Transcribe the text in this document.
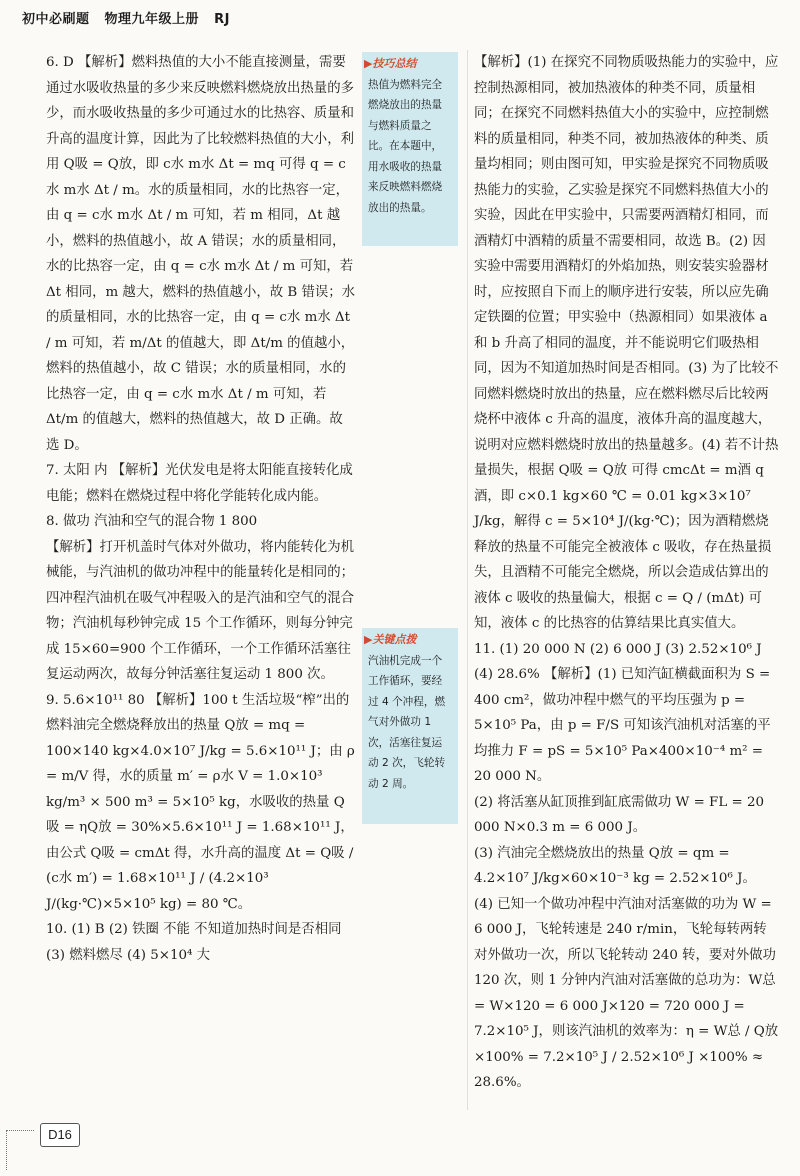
初中必刷题 物理九年级上册 RJ

6. D 【解析】燃料热值的大小不能直接测量，需要通过水吸收热量的多少来反映燃料燃烧放出热量的多少，而水吸收热量的多少可通过水的比热容、质量和升高的温度计算，因此为了比较燃料热值的大小，利用 Q吸 = Q放，即 c水 m水 Δt = mq 可得 q = c水 m水 Δt / m。水的质量相同，水的比热容一定，由 q = c水 m水 Δt / m 可知，若 m 相同，Δt 越小，燃料的热值越小，故 A 错误；水的质量相同，水的比热容一定，由 q = c水 m水 Δt / m 可知，若 Δt 相同，m 越大，燃料的热值越小，故 B 错误；水的质量相同，水的比热容一定，由 q = c水 m水 Δt / m 可知，若 m/Δt 的值越大，即 Δt/m 的值越小，燃料的热值越小，故 C 错误；水的质量相同，水的比热容一定，由 q = c水 m水 Δt / m 可知，若 Δt/m 的值越大，燃料的热值越大，故 D 正确。故选 D。

7. 太阳 内 【解析】光伏发电是将太阳能直接转化成电能；燃料在燃烧过程中将化学能转化成内能。

8. 做功 汽油和空气的混合物 1 800

【解析】打开机盖时气体对外做功，将内能转化为机械能，与汽油机的做功冲程中的能量转化是相同的；四冲程汽油机在吸气冲程吸入的是汽油和空气的混合物；汽油机每秒钟完成 15 个工作循环，则每分钟完成 15×60=900 个工作循环，一个工作循环活塞往复运动两次，故每分钟活塞往复运动 1 800 次。

9. 5.6×10¹¹ 80 【解析】100 t 生活垃圾“榨”出的燃料油完全燃烧释放出的热量 Q放 = mq = 100×140 kg×4.0×10⁷ J/kg = 5.6×10¹¹ J；由 ρ = m/V 得，水的质量 m′ = ρ水 V = 1.0×10³ kg/m³ × 500 m³ = 5×10⁵ kg，水吸收的热量 Q吸 = ηQ放 = 30%×5.6×10¹¹ J = 1.68×10¹¹ J，由公式 Q吸 = cmΔt 得，水升高的温度 Δt = Q吸 / (c水 m′) = 1.68×10¹¹ J / (4.2×10³ J/(kg·℃)×5×10⁵ kg) = 80 ℃。

10. (1) B (2) 铁圈 不能 不知道加热时间是否相同 (3) 燃料燃尽 (4) 5×10⁴ 大

▶技巧总结
热值为燃料完全燃烧放出的热量与燃料质量之比。在本题中，用水吸收的热量来反映燃料燃烧放出的热量。
▶关键点拨
汽油机完成一个工作循环，要经过 4 个冲程，燃气对外做功 1 次，活塞往复运动 2 次，飞轮转动 2 周。

【解析】(1) 在探究不同物质吸热能力的实验中，应控制热源相同，被加热液体的种类不同，质量相同；在探究不同燃料热值大小的实验中，应控制燃料的质量相同，种类不同，被加热液体的种类、质量均相同；则由图可知，甲实验是探究不同物质吸热能力的实验，乙实验是探究不同燃料热值大小的实验，因此在甲实验中，只需要两酒精灯相同，而酒精灯中酒精的质量不需要相同，故选 B。(2) 因实验中需要用酒精灯的外焰加热，则安装实验器材时，应按照自下而上的顺序进行安装，所以应先确定铁圈的位置；甲实验中（热源相同）如果液体 a 和 b 升高了相同的温度，并不能说明它们吸热相同，因为不知道加热时间是否相同。(3) 为了比较不同燃料燃烧时放出的热量，应在燃料燃尽后比较两烧杯中液体 c 升高的温度，液体升高的温度越大，说明对应燃料燃烧时放出的热量越多。(4) 若不计热量损失，根据 Q吸 = Q放 可得 cmcΔt = m酒 q酒，即 c×0.1 kg×60 ℃ = 0.01 kg×3×10⁷ J/kg，解得 c = 5×10⁴ J/(kg·℃)；因为酒精燃烧释放的热量不可能完全被液体 c 吸收，存在热量损失，且酒精不可能完全燃烧，所以会造成估算出的液体 c 吸收的热量偏大，根据 c = Q / (mΔt) 可知，液体 c 的比热容的估算结果比真实值大。

11. (1) 20 000 N (2) 6 000 J (3) 2.52×10⁶ J (4) 28.6% 【解析】(1) 已知汽缸横截面积为 S = 400 cm²，做功冲程中燃气的平均压强为 p = 5×10⁵ Pa，由 p = F/S 可知该汽油机对活塞的平均推力 F = pS = 5×10⁵ Pa×400×10⁻⁴ m² = 20 000 N。

(2) 将活塞从缸顶推到缸底需做功 W = FL = 20 000 N×0.3 m = 6 000 J。

(3) 汽油完全燃烧放出的热量 Q放 = qm = 4.2×10⁷ J/kg×60×10⁻³ kg = 2.52×10⁶ J。

(4) 已知一个做功冲程中汽油对活塞做的功为 W = 6 000 J，飞轮转速是 240 r/min，飞轮每转两转对外做功一次，所以飞轮转动 240 转，要对外做功 120 次，则 1 分钟内汽油对活塞做的总功为：W总 = W×120 = 6 000 J×120 = 720 000 J = 7.2×10⁵ J，则该汽油机的效率为：η = W总 / Q放 ×100% = 7.2×10⁵ J / 2.52×10⁶ J ×100% ≈ 28.6%。

D16
